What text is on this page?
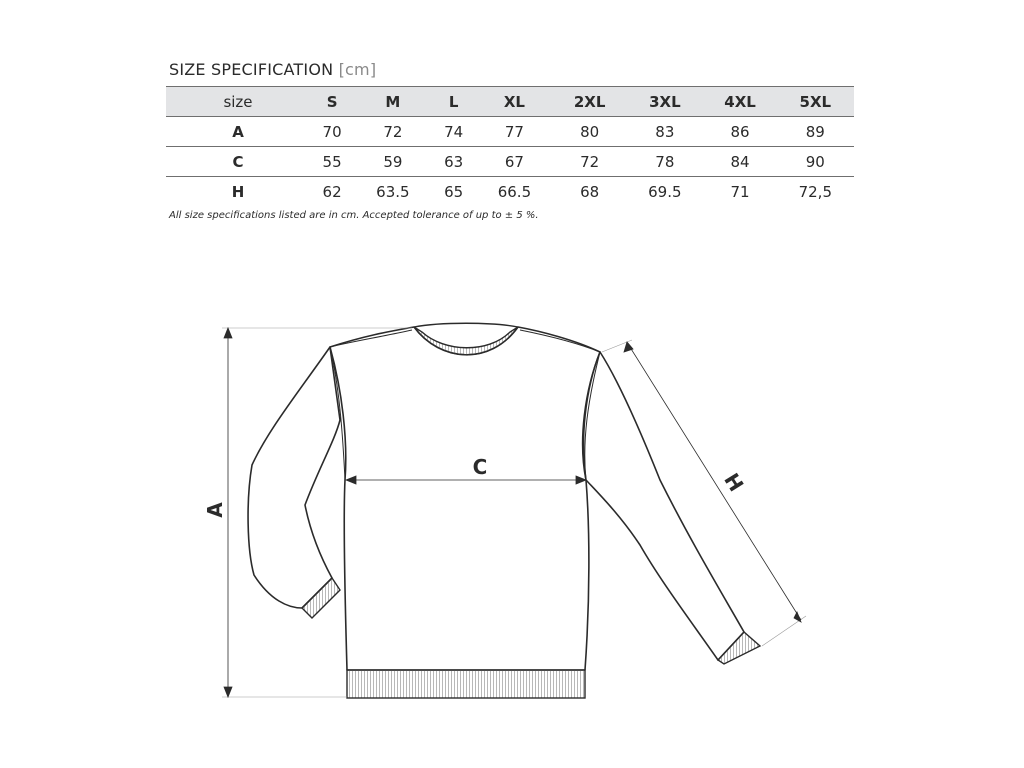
SIZE SPECIFICATION [cm]
size	S	M	L	XL	2XL	3XL	4XL	5XL
A	70	72	74	77	80	83	86	89
C	55	59	63	67	72	78	84	90
H	62	63.5	65	66.5	68	69.5	71	72,5
All size specifications listed are in cm. Accepted tolerance of up to ± 5 %.
A
C
H
